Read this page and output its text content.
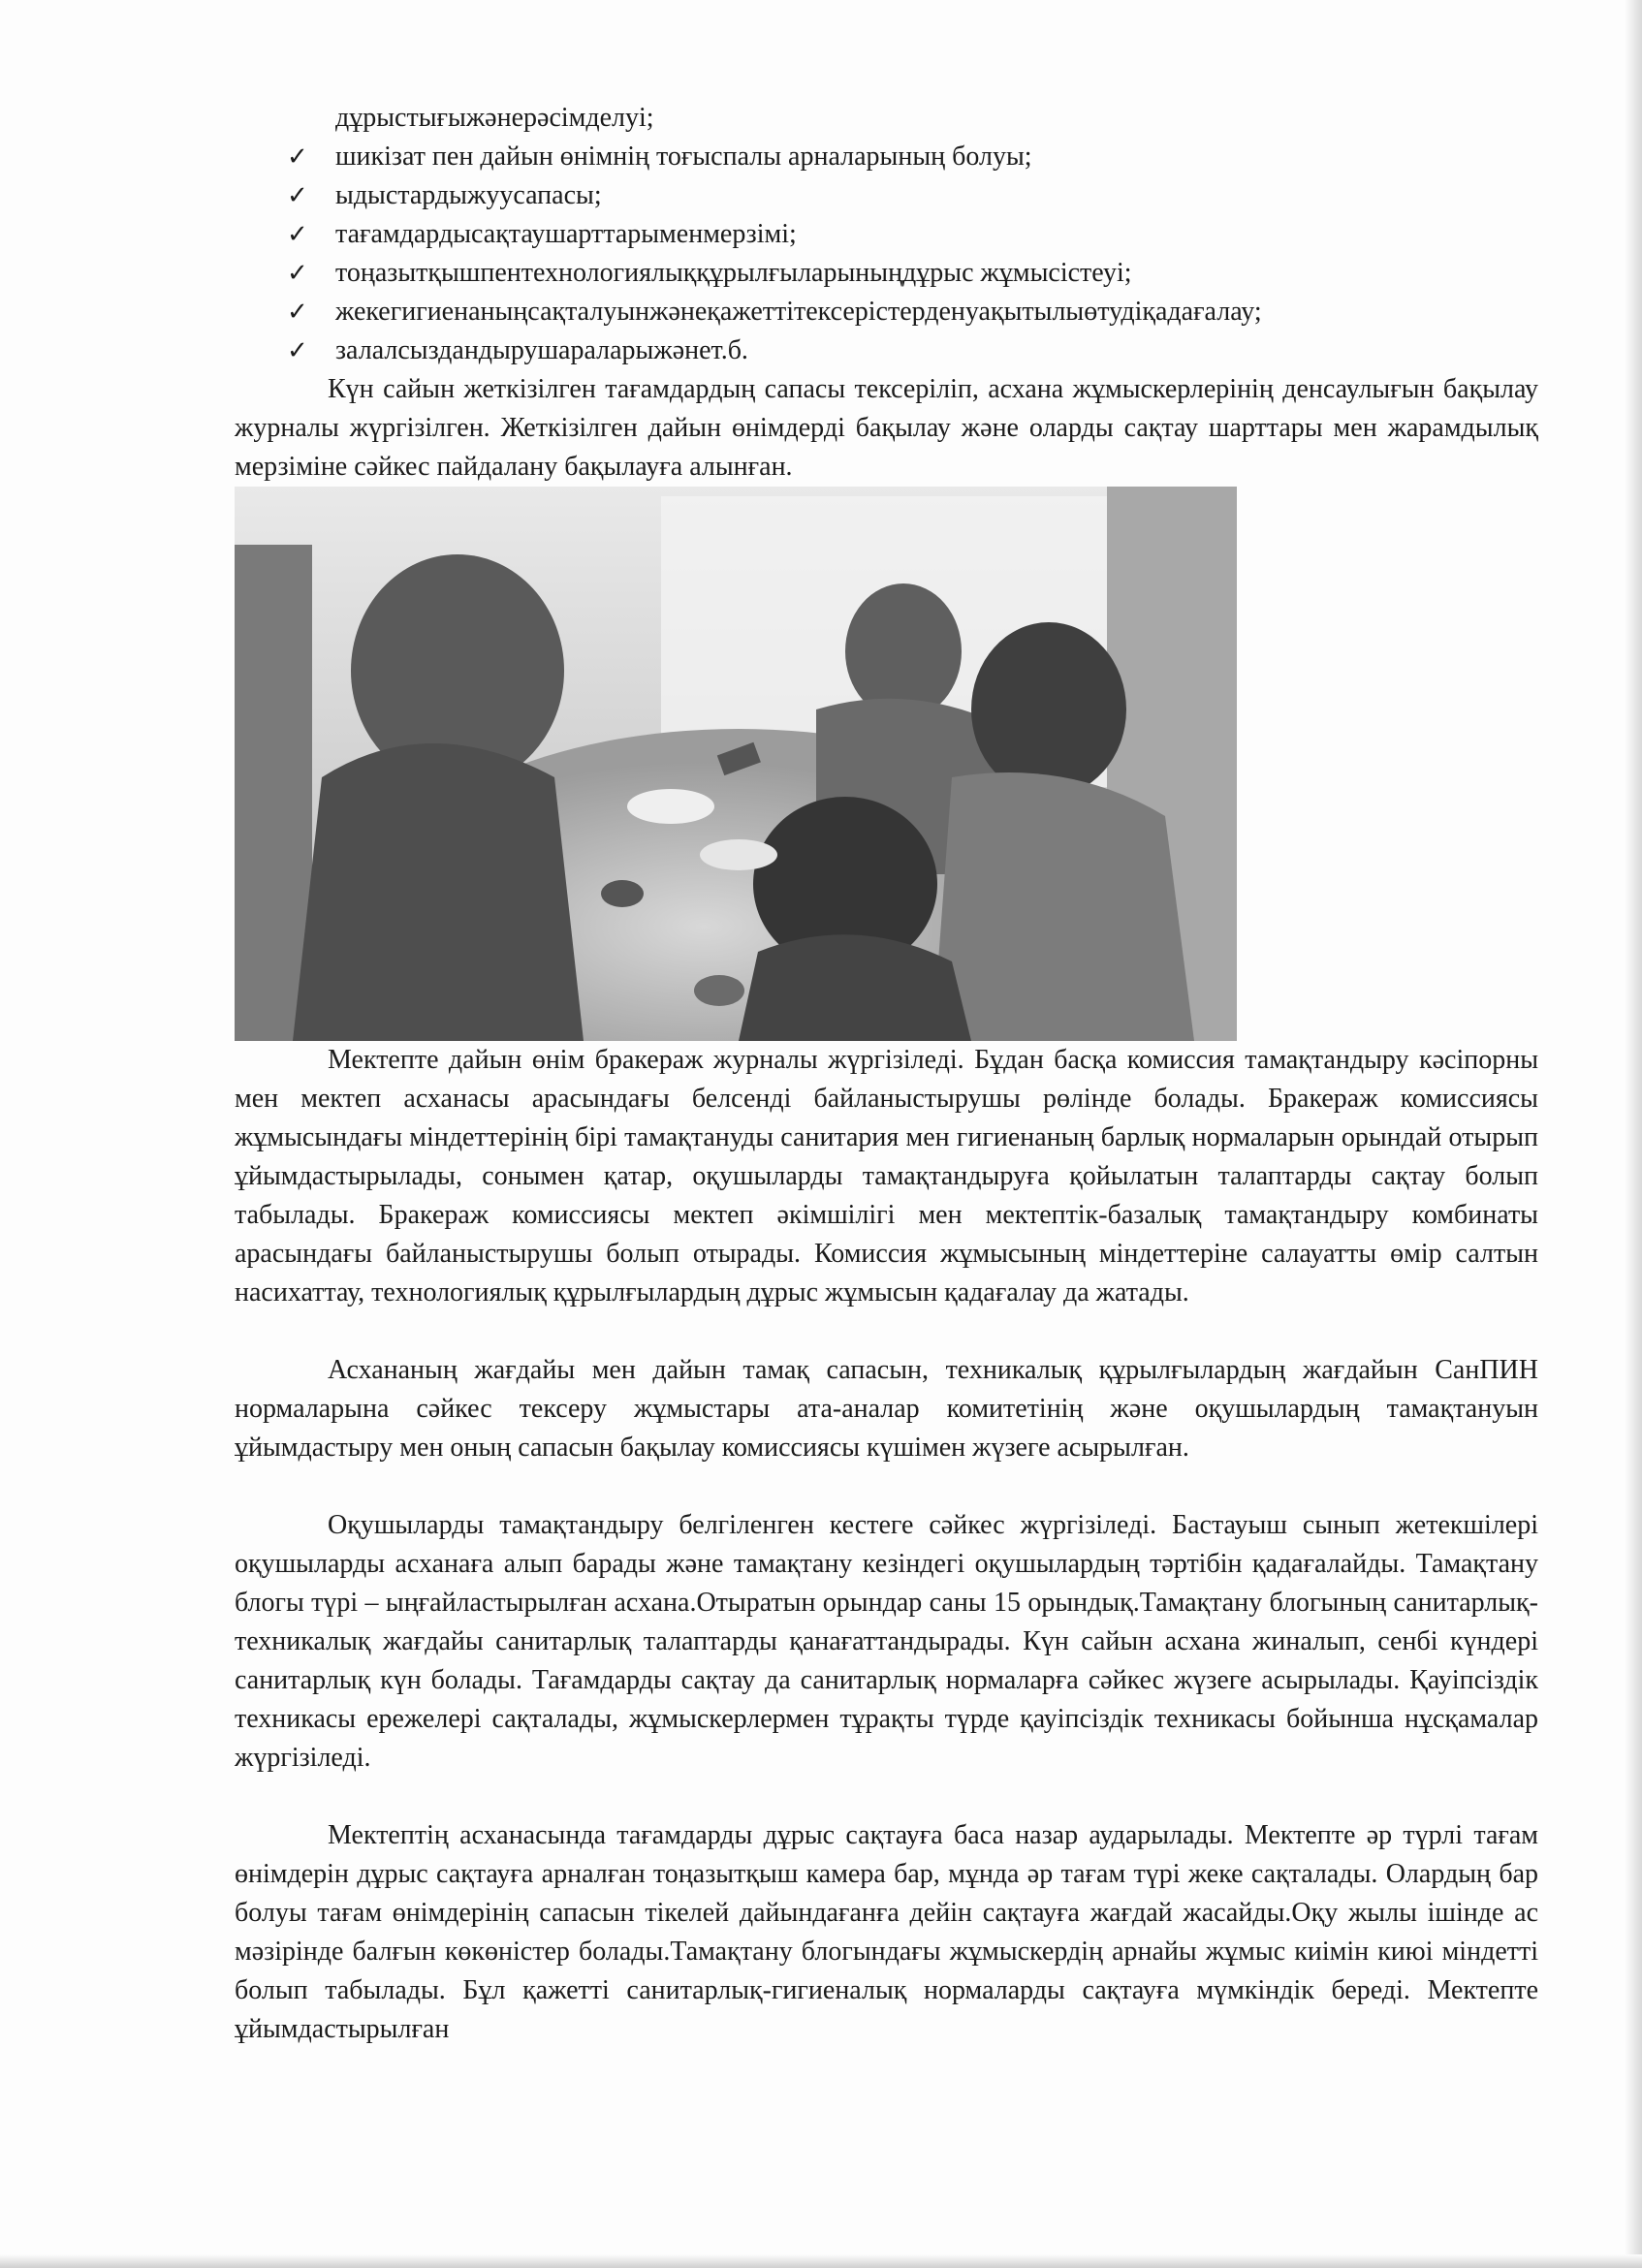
дұрыстығыжәнерәсімделуі;
✓ шикізат пен дайын өнімнің тоғыспалы арналарының болуы;
✓ ыдыстардыжуусапасы;
✓ тағамдардысақтаушарттарыменмерзімі;
✓ тоңазытқышпентехнологиялыққұрылғыларыныңдұрыс жұмысістеуі;
✓ жекегигиенаныңсақталуынжәнеқажеттітексерістерденуақытылыөтудіқадағалау;
✓ залалсыздандырушараларыжәнет.б.

Күн сайын жеткізілген тағамдардың сапасы тексеріліп, асхана жұмыскерлерінің денсаулығын бақылау журналы жүргізілген. Жеткізілген дайын өнімдерді бақылау және оларды сақтау шарттары мен жарамдылық мерзіміне сәйкес пайдалану бақылауға алынған.

Мектепте дайын өнім бракераж журналы жүргізіледі. Бұдан басқа комиссия тамақтандыру кәсіпорны мен мектеп асханасы арасындағы белсенді байланыстырушы рөлінде болады. Бракераж комиссиясы жұмысындағы міндеттерінің бірі тамақтануды санитария мен гигиенаның барлық нормаларын орындай отырып ұйымдастырылады, сонымен қатар, оқушыларды тамақтандыруға қойылатын талаптарды сақтау болып табылады. Бракераж комиссиясы мектеп әкімшілігі мен мектептік-базалық тамақтандыру комбинаты арасындағы байланыстырушы болып отырады. Комиссия жұмысының міндеттеріне салауатты өмір салтын насихаттау, технологиялық құрылғылардың дұрыс жұмысын қадағалау да жатады.

Асхананың жағдайы мен дайын тамақ сапасын, техникалық құрылғылардың жағдайын СанПИН нормаларына сәйкес тексеру жұмыстары ата-аналар комитетінің және оқушылардың тамақтануын ұйымдастыру мен оның сапасын бақылау комиссиясы күшімен жүзеге асырылған.

Оқушыларды тамақтандыру белгіленген кестеге сәйкес жүргізіледі. Бастауыш сынып жетекшілері оқушыларды асханаға алып барады және тамақтану кезіндегі оқушылардың тәртібін қадағалайды. Тамақтану блогы түрі – ыңғайластырылған асхана.Отыратын орындар саны 15 орындық.Тамақтану блогының санитарлық-техникалық жағдайы санитарлық талаптарды қанағаттандырады. Күн сайын асхана жиналып, сенбі күндері санитарлық күн болады. Тағамдарды сақтау да санитарлық нормаларға сәйкес жүзеге асырылады. Қауіпсіздік техникасы ережелері сақталады, жұмыскерлермен тұрақты түрде қауіпсіздік техникасы бойынша нұсқамалар жүргізіледі.

Мектептің асханасында тағамдарды дұрыс сақтауға баса назар аударылады. Мектепте әр түрлі тағам өнімдерін дұрыс сақтауға арналған тоңазытқыш камера бар, мұнда әр тағам түрі жеке сақталады. Олардың бар болуы тағам өнімдерінің сапасын тікелей дайындағанға дейін сақтауға жағдай жасайды.Оқу жылы ішінде ас мәзірінде балғын көкөністер болады.Тамақтану блогындағы жұмыскердің арнайы жұмыс киімін киюі міндетті болып табылады. Бұл қажетті санитарлық-гигиеналық нормаларды сақтауға мүмкіндік береді. Мектепте ұйымдастырылған
